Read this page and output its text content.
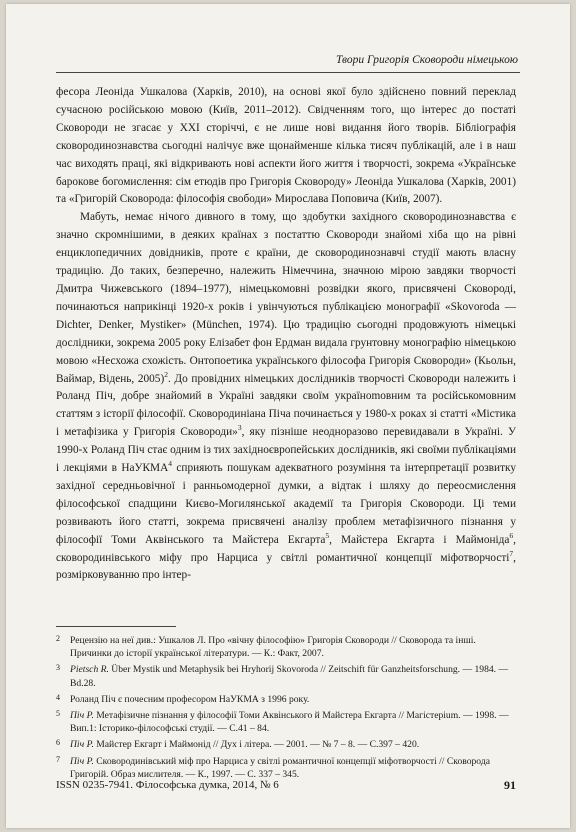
Твори Григорія Сковороди німецькою

фесора Леоніда Ушкалова (Харків, 2010), на основі якої було здійснено повний переклад сучасною російською мовою (Київ, 2011–2012). Свідченням того, що інтерес до постаті Сковороди не згасає у XXI сторіччі, є не лише нові видання його творів. Бібліографія сковородинознавства сьогодні налічує вже щонайменше кілька тисяч публікацій, але і в наш час виходять праці, які відкривають нові аспекти його життя і творчості, зокрема «Українське барокове богомислення: сім етюдів про Григорія Сковороду» Леоніда Ушкалова (Харків, 2001) та «Григорій Сковорода: філософія свободи» Мирослава Поповича (Київ, 2007).

Мабуть, немає нічого дивного в тому, що здобутки західного сковородинознавства є значно скромнішими, в деяких країнах з постаттю Сковороди знайомі хіба що на рівні енциклопедичних довідників, проте є країни, де сковородинознавчі студії мають власну традицію. До таких, безперечно, належить Німеччина, значною мірою завдяки творчості Дмитра Чижевського (1894–1977), німецькомовні розвідки якого, присвячені Сковороді, починаються наприкінці 1920-х років і увінчуються публікацією монографії «Skovoroda — Dichter, Denker, Mystiker» (München, 1974). Цю традицію сьогодні продовжують німецькі дослідники, зокрема 2005 року Елізабет фон Ердман видала грунтовну монографію німецькою мовою «Несхожа схожість. Онтопоетика українського філософа Григорія Сковороди» (Кьольн, Ваймар, Відень, 2005)$^2$. До провідних німецьких дослідників творчості Сковороди належить і Роланд Піч, добре знайомий в Україні завдяки своїм українomовним та російськомовним статтям з історії філософії. Сковородиніана Піча починається у 1980-х роках зі статті «Містика і метафізика у Григорія Сковороди»$^3$, яку пізніше неодноразово перевидавали в Україні. У 1990-х Роланд Піч стає одним із тих західноєвропейських дослідників, які своїми публікаціями і лекціями в НаУКМА$^4$ сприяють пошукам адекватного розуміння та інтерпретації розвитку західної середньовічної і ранньомодерної думки, а відтак і шляху до переосмислення філософської спадщини Києво-Могилянської академії та Григорія Сковороди. Ці теми розвивають його статті, зокрема присвячені аналізу проблем метафізичного пізнання у філософії Томи Аквінського та Майстера Екгарта$^5$, Майстера Екгарта і Маймоніда$^6$, сковородинівського міфу про Нарциса у світлі романтичної концепції міфотворчості$^7$, розмірковуванню про інтер-

2 Рецензію на неї див.: Ушкалов Л. Про «вічну філософію» Григорія Сковороди // Сковорода та інші. Причинки до історії української літератури. — К.: Факт, 2007.
3 Pietsch R. Über Mystik und Metaphysik bei Hryhorij Skovoroda // Zeitschift für Ganzheitsforschung. — 1984. — Bd.28.
4 Роланд Піч є почесним професором НаУКМА з 1996 року.
5 Піч Р. Метафізичне пізнання у філософії Томи Аквінського й Майстера Екгарта // Магістерium. — 1998. — Вип.1: Історико-філософські студії. — С.41 – 84.
6 Піч Р. Майстер Екгарт і Маймонід // Дух і літера. — 2001. — № 7 – 8. — С.397 – 420.
7 Піч Р. Сковородинівський міф про Нарциса у світлі романтичної концепції міфотворчості // Сковорода Григорій. Образ мислителя. — К., 1997. — С. 337 – 345.
ISSN 0235-7941. Філософська думка, 2014, № 6	91
